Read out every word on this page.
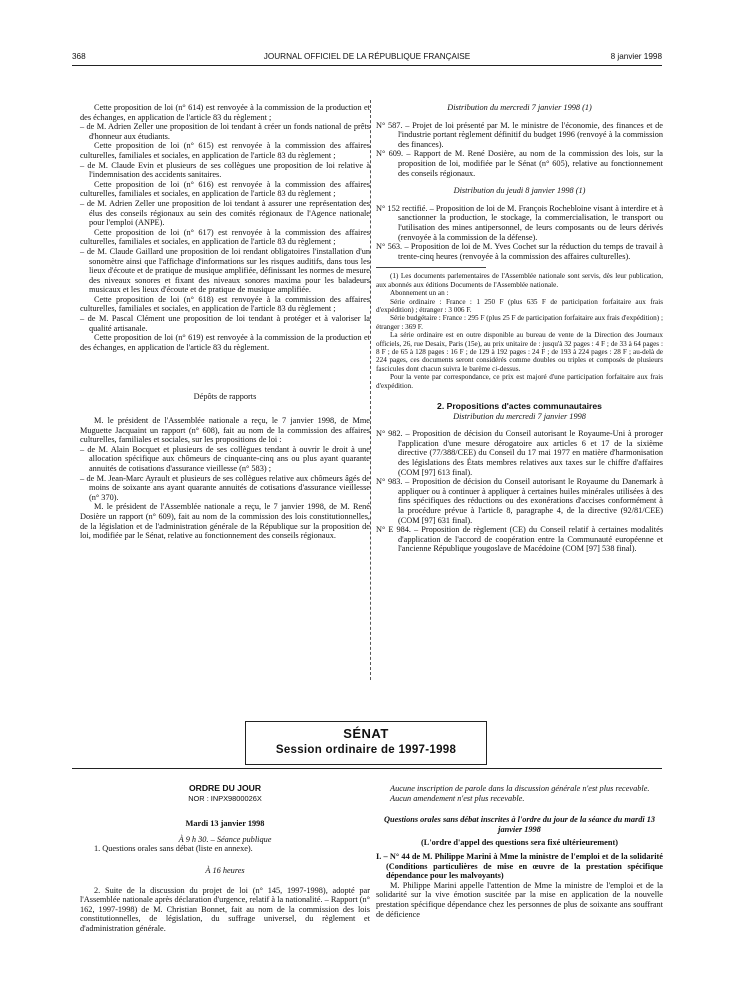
368	JOURNAL OFFICIEL DE LA RÉPUBLIQUE FRANÇAISE	8 janvier 1998

Cette proposition de loi (n° 614) est renvoyée à la commission de la production et des échanges, en application de l'article 83 du règlement ;

– de M. Adrien Zeller une proposition de loi tendant à créer un fonds national de prêts d'honneur aux étudiants.

Cette proposition de loi (n° 615) est renvoyée à la commission des affaires culturelles, familiales et sociales, en application de l'article 83 du règlement ;

– de M. Claude Evin et plusieurs de ses collègues une proposition de loi relative à l'indemnisation des accidents sanitaires.

Cette proposition de loi (n° 616) est renvoyée à la commission des affaires culturelles, familiales et sociales, en application de l'article 83 du règlement ;

– de M. Adrien Zeller une proposition de loi tendant à assurer une représentation des élus des conseils régionaux au sein des comités régionaux de l'Agence nationale pour l'emploi (ANPE).

Cette proposition de loi (n° 617) est renvoyée à la commission des affaires culturelles, familiales et sociales, en application de l'article 83 du règlement ;

– de M. Claude Gaillard une proposition de loi rendant obligatoires l'installation d'un sonomètre ainsi que l'affichage d'informations sur les risques auditifs, dans tous les lieux d'écoute et de pratique de musique amplifiée, définissant les normes de mesure des niveaux sonores et fixant des niveaux sonores maxima pour les baladeurs musicaux et les lieux d'écoute et de pratique de musique amplifiée.

Cette proposition de loi (n° 618) est renvoyée à la commission des affaires culturelles, familiales et sociales, en application de l'article 83 du règlement ;

– de M. Pascal Clément une proposition de loi tendant à protéger et à valoriser la qualité artisanale.

Cette proposition de loi (n° 619) est renvoyée à la commission de la production et des échanges, en application de l'article 83 du règlement.

Dépôts de rapports

M. le président de l'Assemblée nationale a reçu, le 7 janvier 1998, de Mme Muguette Jacquaint un rapport (n° 608), fait au nom de la commission des affaires culturelles, familiales et sociales, sur les propositions de loi :

– de M. Alain Bocquet et plusieurs de ses collègues tendant à ouvrir le droit à une allocation spécifique aux chômeurs de cinquante-cinq ans ou plus ayant quarante annuités de cotisations d'assurance vieillesse (n° 583) ;

– de M. Jean-Marc Ayrault et plusieurs de ses collègues relative aux chômeurs âgés de moins de soixante ans ayant quarante annuités de cotisations d'assurance vieillesse (n° 370).

M. le président de l'Assemblée nationale a reçu, le 7 janvier 1998, de M. René Dosière un rapport (n° 609), fait au nom de la commission des lois constitutionnelles, de la législation et de l'administration générale de la République sur la proposition de loi, modifiée par le Sénat, relative au fonctionnement des conseils régionaux.

Distribution du mercredi 7 janvier 1998 (1)

N° 587. – Projet de loi présenté par M. le ministre de l'économie, des finances et de l'industrie portant règlement définitif du budget 1996 (renvoyé à la commission des finances).

N° 609. – Rapport de M. René Dosière, au nom de la commission des lois, sur la proposition de loi, modifiée par le Sénat (n° 605), relative au fonctionnement des conseils régionaux.

Distribution du jeudi 8 janvier 1998 (1)

N° 152 rectifié. – Proposition de loi de M. François Rochebloine visant à interdire et à sanctionner la production, le stockage, la commercialisation, le transport ou l'utilisation des mines antipersonnel, de leurs composants ou de leurs dérivés (renvoyée à la commission de la défense).

N° 563. – Proposition de loi de M. Yves Cochet sur la réduction du temps de travail à trente-cinq heures (renvoyée à la commission des affaires culturelles).

(1) Les documents parlementaires de l'Assemblée nationale sont servis, dès leur publication, aux abonnés aux éditions Documents de l'Assemblée nationale.

Abonnement un an :

Série ordinaire : France : 1 250 F (plus 635 F de participation forfaitaire aux frais d'expédition) ; étranger : 3 006 F.

Série budgétaire : France : 295 F (plus 25 F de participation forfaitaire aux frais d'expédition) ; étranger : 369 F.

La série ordinaire est en outre disponible au bureau de vente de la Direction des Journaux officiels, 26, rue Desaix, Paris (15e), au prix unitaire de : jusqu'à 32 pages : 4 F ; de 33 à 64 pages : 8 F ; de 65 à 128 pages : 16 F ; de 129 à 192 pages : 24 F ; de 193 à 224 pages : 28 F ; au-delà de 224 pages, ces documents seront considérés comme doubles ou triples et composés de plusieurs fascicules dont chacun suivra le barème ci-dessus.

Pour la vente par correspondance, ce prix est majoré d'une participation forfaitaire aux frais d'expédition.

2. Propositions d'actes communautaires

Distribution du mercredi 7 janvier 1998

N° 982. – Proposition de décision du Conseil autorisant le Royaume-Uni à proroger l'application d'une mesure dérogatoire aux articles 6 et 17 de la sixième directive (77/388/CEE) du Conseil du 17 mai 1977 en matière d'harmonisation des législations des États membres relatives aux taxes sur le chiffre d'affaires (COM [97] 613 final).

N° 983. – Proposition de décision du Conseil autorisant le Royaume du Danemark à appliquer ou à continuer à appliquer à certaines huiles minérales utilisées à des fins spécifiques des réductions ou des exonérations d'accises conformément à la procédure prévue à l'article 8, paragraphe 4, de la directive (92/81/CEE) (COM [97] 631 final).

N° E 984. – Proposition de règlement (CE) du Conseil relatif à certaines modalités d'application de l'accord de coopération entre la Communauté européenne et l'ancienne République yougoslave de Macédoine (COM [97] 538 final).

SÉNAT
Session ordinaire de 1997-1998

ORDRE DU JOUR

NOR : INPX9800026X

Mardi 13 janvier 1998

À 9 h 30. – Séance publique

1. Questions orales sans débat (liste en annexe).

À 16 heures

2. Suite de la discussion du projet de loi (n° 145, 1997-1998), adopté par l'Assemblée nationale après déclaration d'urgence, relatif à la nationalité. – Rapport (n° 162, 1997-1998) de M. Christian Bonnet, fait au nom de la commission des lois constitutionnelles, de législation, du suffrage universel, du règlement et d'administration générale.

Aucune inscription de parole dans la discussion générale n'est plus recevable.

Aucun amendement n'est plus recevable.

Questions orales sans débat inscrites à l'ordre du jour de la séance du mardi 13 janvier 1998

(L'ordre d'appel des questions sera fixé ultérieurement)

I. – N° 44 de M. Philippe Marini à Mme la ministre de l'emploi et de la solidarité (Conditions particulières de mise en œuvre de la prestation spécifique dépendance pour les malvoyants)

M. Philippe Marini appelle l'attention de Mme la ministre de l'emploi et de la solidarité sur la vive émotion suscitée par la mise en application de la nouvelle prestation spécifique dépendance chez les personnes de plus de soixante ans souffrant de déficience
